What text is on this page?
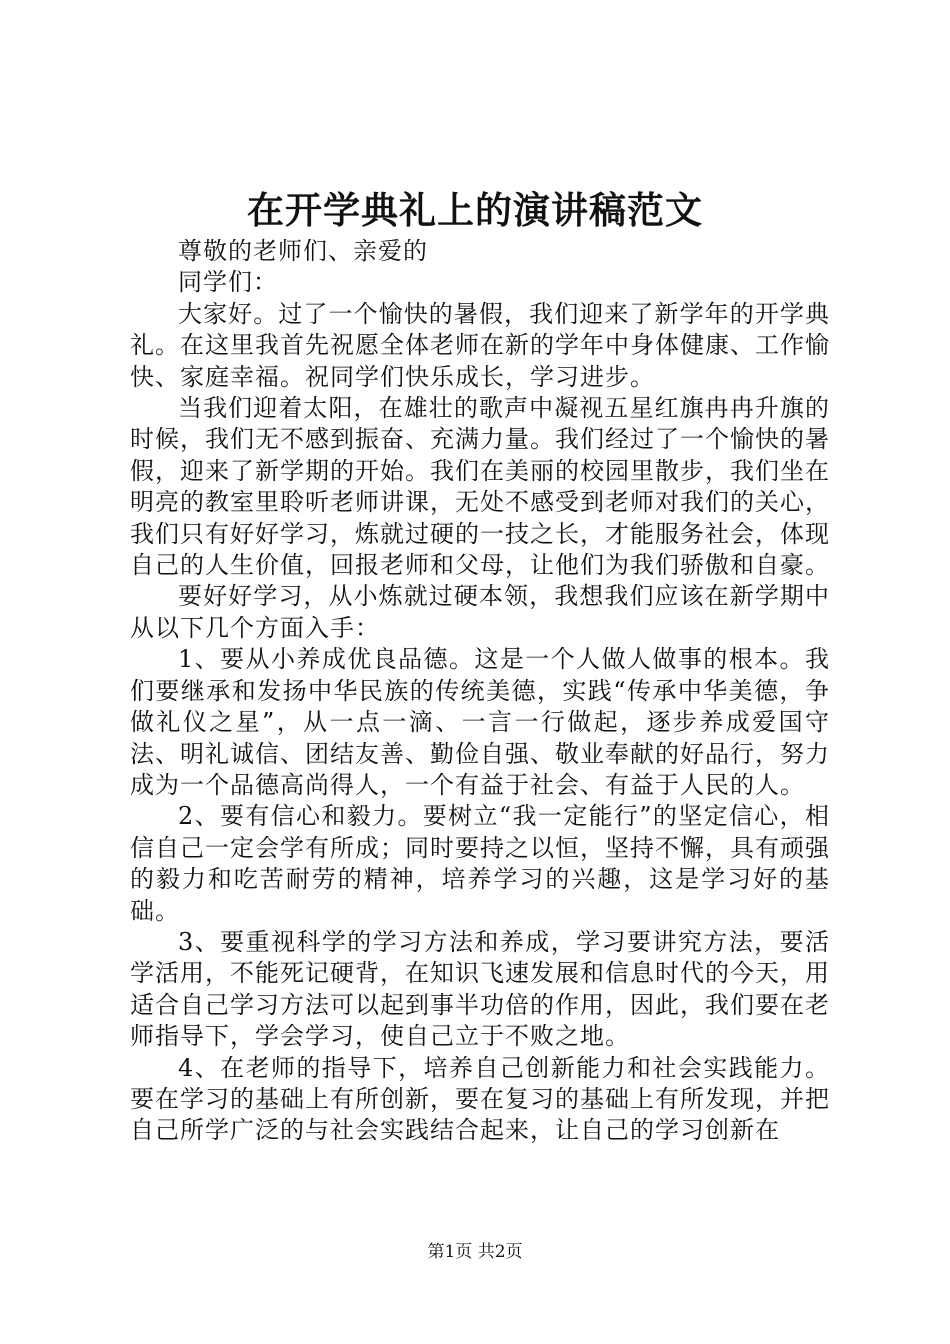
在开学典礼上的演讲稿范文

尊敬的老师们、亲爱的

同学们：

大家好。过了一个愉快的暑假，我们迎来了新学年的开学典礼。在这里我首先祝愿全体老师在新的学年中身体健康、工作愉快、家庭幸福。祝同学们快乐成长，学习进步。

当我们迎着太阳，在雄壮的歌声中凝视五星红旗冉冉升旗的时候，我们无不感到振奋、充满力量。我们经过了一个愉快的暑假，迎来了新学期的开始。我们在美丽的校园里散步，我们坐在明亮的教室里聆听老师讲课，无处不感受到老师对我们的关心，我们只有好好学习，炼就过硬的一技之长，才能服务社会，体现自己的人生价值，回报老师和父母，让他们为我们骄傲和自豪。

要好好学习，从小炼就过硬本领，我想我们应该在新学期中从以下几个方面入手：

1、要从小养成优良品德。这是一个人做人做事的根本。我们要继承和发扬中华民族的传统美德，实践“传承中华美德，争做礼仪之星”，从一点一滴、一言一行做起，逐步养成爱国守法、明礼诚信、团结友善、勤俭自强、敬业奉献的好品行，努力成为一个品德高尚得人，一个有益于社会、有益于人民的人。

2、要有信心和毅力。要树立“我一定能行”的坚定信心，相信自己一定会学有所成；同时要持之以恒，坚持不懈，具有顽强的毅力和吃苦耐劳的精神，培养学习的兴趣，这是学习好的基础。

3、要重视科学的学习方法和养成，学习要讲究方法，要活学活用，不能死记硬背，在知识飞速发展和信息时代的今天，用适合自己学习方法可以起到事半功倍的作用，因此，我们要在老师指导下，学会学习，使自己立于不败之地。

4、在老师的指导下，培养自己创新能力和社会实践能力。要在学习的基础上有所创新，要在复习的基础上有所发现，并把自己所学广泛的与社会实践结合起来，让自己的学习创新在

第1页 共2页
